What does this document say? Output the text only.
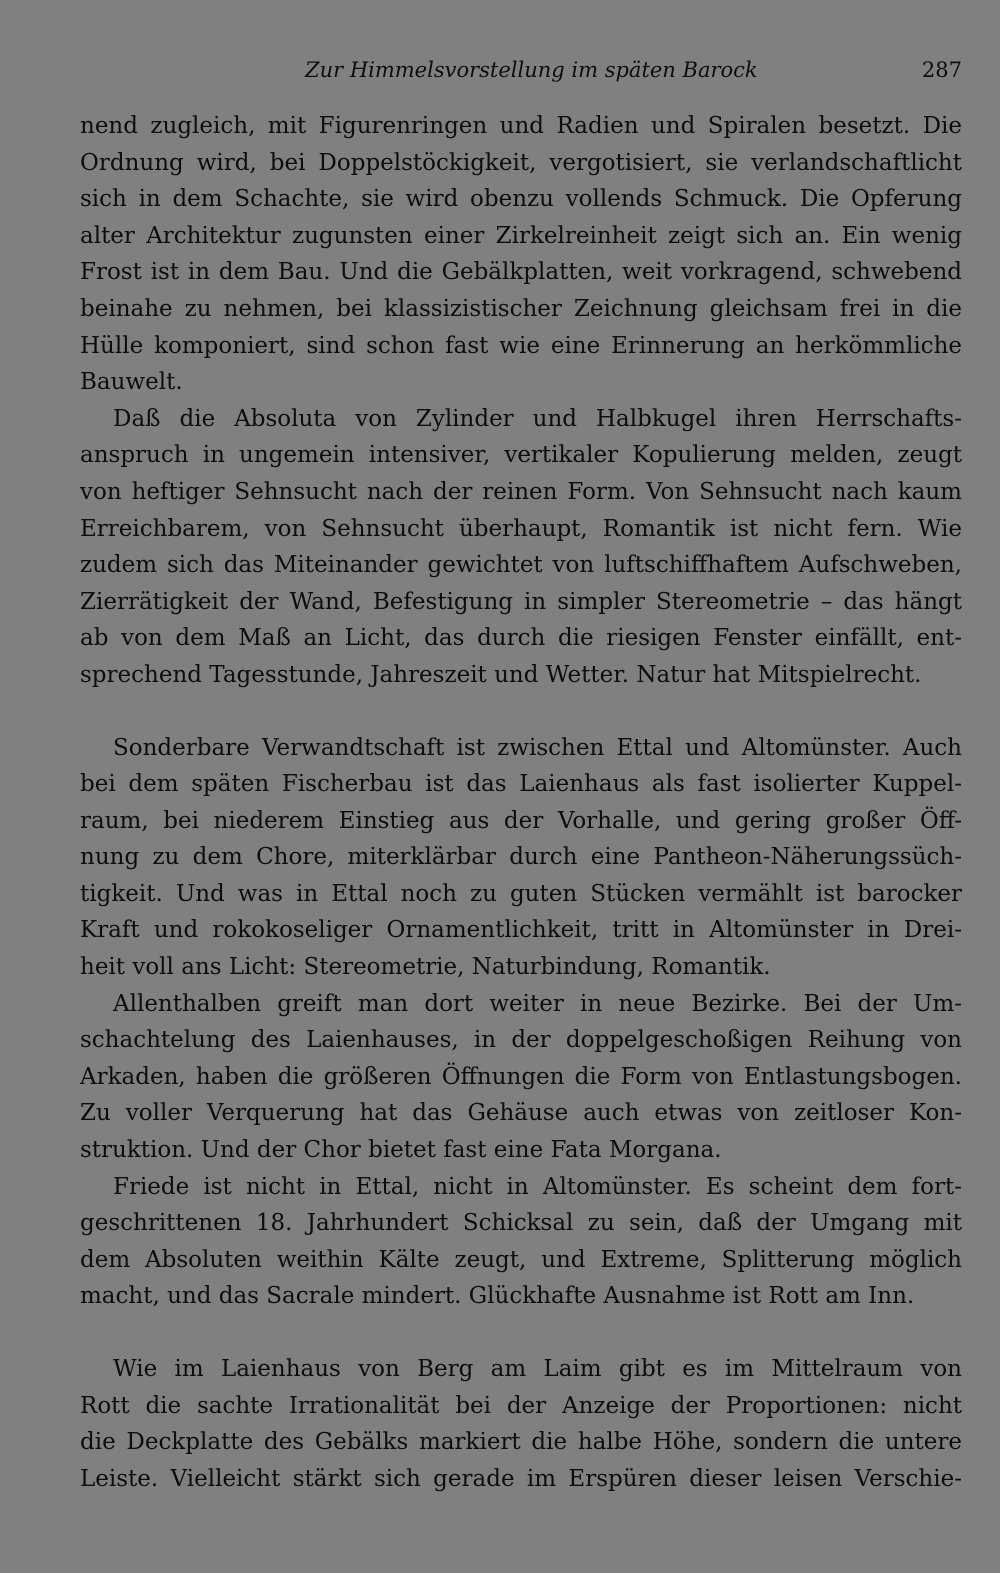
Zur Himmelsvorstellung im späten Barock	287

nend zugleich, mit Figurenringen und Radien und Spiralen besetzt. Die
Ordnung wird, bei Doppelstöckigkeit, vergotisiert, sie verlandschaftlicht
sich in dem Schachte, sie wird obenzu vollends Schmuck. Die Opferung
alter Architektur zugunsten einer Zirkelreinheit zeigt sich an. Ein wenig
Frost ist in dem Bau. Und die Gebälkplatten, weit vorkragend, schwebend
beinahe zu nehmen, bei klassizistischer Zeichnung gleichsam frei in die
Hülle komponiert, sind schon fast wie eine Erinnerung an herkömmliche
Bauwelt.

Daß die Absoluta von Zylinder und Halbkugel ihren Herrschafts-
anspruch in ungemein intensiver, vertikaler Kopulierung melden, zeugt
von heftiger Sehnsucht nach der reinen Form. Von Sehnsucht nach kaum
Erreichbarem, von Sehnsucht überhaupt, Romantik ist nicht fern. Wie
zudem sich das Miteinander gewichtet von luftschiffhaftem Aufschweben,
Zierrätigkeit der Wand, Befestigung in simpler Stereometrie – das hängt
ab von dem Maß an Licht, das durch die riesigen Fenster einfällt, ent-
sprechend Tagesstunde, Jahreszeit und Wetter. Natur hat Mitspielrecht.

Sonderbare Verwandtschaft ist zwischen Ettal und Altomünster. Auch
bei dem späten Fischerbau ist das Laienhaus als fast isolierter Kuppel-
raum, bei niederem Einstieg aus der Vorhalle, und gering großer Öff-
nung zu dem Chore, miterklärbar durch eine Pantheon-Näherungssüch-
tigkeit. Und was in Ettal noch zu guten Stücken vermählt ist barocker
Kraft und rokokoseliger Ornamentlichkeit, tritt in Altomünster in Drei-
heit voll ans Licht: Stereometrie, Naturbindung, Romantik.

Allenthalben greift man dort weiter in neue Bezirke. Bei der Um-
schachtelung des Laienhauses, in der doppelgeschoßigen Reihung von
Arkaden, haben die größeren Öffnungen die Form von Entlastungsbogen.
Zu voller Verquerung hat das Gehäuse auch etwas von zeitloser Kon-
struktion. Und der Chor bietet fast eine Fata Morgana.

Friede ist nicht in Ettal, nicht in Altomünster. Es scheint dem fort-
geschrittenen 18. Jahrhundert Schicksal zu sein, daß der Umgang mit
dem Absoluten weithin Kälte zeugt, und Extreme, Splitterung möglich
macht, und das Sacrale mindert. Glückhafte Ausnahme ist Rott am Inn.

Wie im Laienhaus von Berg am Laim gibt es im Mittelraum von
Rott die sachte Irrationalität bei der Anzeige der Proportionen: nicht
die Deckplatte des Gebälks markiert die halbe Höhe, sondern die untere
Leiste. Vielleicht stärkt sich gerade im Erspüren dieser leisen Verschie-
